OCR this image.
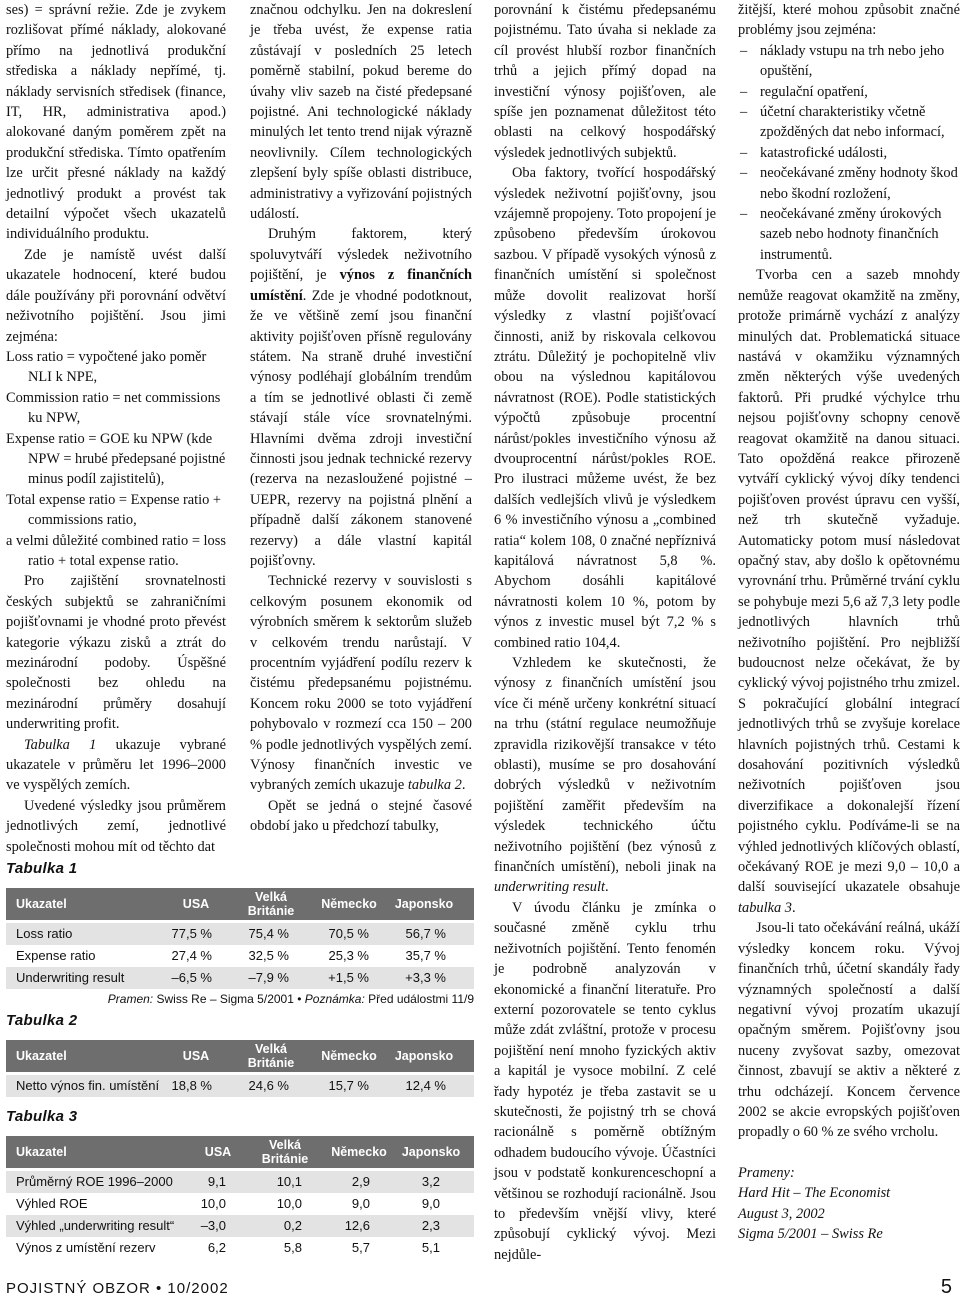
ses) = správní režie. Zde je zvykem rozlišovat přímé náklady, alokované přímo na jednotlivá produkční střediska a náklady nepřímé, tj. náklady servisních středisek (finance, IT, HR, administrativa apod.) alokované daným poměrem zpět na produkční střediska. Tímto opatřením lze určit přesné náklady na každý jednotlivý produkt a provést tak detailní výpočet všech ukazatelů individuálního produktu.

Zde je namístě uvést další ukazatele hodnocení, které budou dále používány při porovnání odvětví neživotního pojištění. Jsou jimi zejména:

Loss ratio = vypočtené jako poměr NLI k NPE,

Commission ratio = net commissions ku NPW,

Expense ratio = GOE ku NPW (kde NPW = hrubé předepsané pojistné minus podíl zajistitelů),

Total expense ratio = Expense ratio + commissions ratio,

a velmi důležité combined ratio = loss ratio + total expense ratio.

Pro zajištění srovnatelnosti českých subjektů se zahraničními pojišťovnami je vhodné proto převést kategorie výkazu zisků a ztrát do mezinárodní podoby. Úspěšné společnosti bez ohledu na mezinárodní průměry dosahují underwriting profit.

Tabulka 1 ukazuje vybrané ukazatele v průměru let 1996–2000 ve vyspělých zemích.

Uvedené výsledky jsou průměrem jednotlivých zemí, jednotlivé společnosti mohou mít od těchto dat

značnou odchylku. Jen na dokreslení je třeba uvést, že expense ratia zůstávají v posledních 25 letech poměrně stabilní, pokud bereme do úvahy vliv sazeb na čisté předepsané pojistné. Ani technologické náklady minulých let tento trend nijak výrazně neovlivnily. Cílem technologických zlepšení byly spíše oblasti distribuce, administrativy a vyřizování pojistných událostí.

Druhým faktorem, který spoluvytváří výsledek neživotního pojištění, je výnos z finančních umístění. Zde je vhodné podotknout, že ve většině zemí jsou finanční aktivity pojišťoven přísně regulovány státem. Na straně druhé investiční výnosy podléhají globálním trendům a tím se jednotlivé oblasti či země stávají stále více srovnatelnými. Hlavními dvěma zdroji investiční činnosti jsou jednak technické rezervy (rezerva na nezasloužené pojistné – UEPR, rezervy na pojistná plnění a případně další zákonem stanovené rezervy) a dále vlastní kapitál pojišťovny.

Technické rezervy v souvislosti s celkovým posunem ekonomik od výrobních směrem k sektorům služeb v celkovém trendu narůstají. V procentním vyjádření podílu rezerv k čistému předepsanému pojistnému. Koncem roku 2000 se toto vyjádření pohybovalo v rozmezí cca 150 – 200 % podle jednotlivých vyspělých zemí. Výnosy finančních investic ve vybraných zemích ukazuje tabulka 2.

Opět se jedná o stejné časové období jako u předchozí tabulky,

porovnání k čistému předepsanému pojistnému. Tato úvaha si neklade za cíl provést hlubší rozbor finančních trhů a jejich přímý dopad na investiční výnosy pojišťoven, ale spíše jen poznamenat důležitost této oblasti na celkový hospodářský výsledek jednotlivých subjektů.

Oba faktory, tvořící hospodářský výsledek neživotní pojišťovny, jsou vzájemně propojeny. Toto propojení je způsobeno především úrokovou sazbou. V případě vysokých výnosů z finančních umístění si společnost může dovolit realizovat horší výsledky z vlastní pojišťovací činnosti, aniž by riskovala celkovou ztrátu. Důležitý je pochopitelně vliv obou na výslednou kapitálovou návratnost (ROE). Podle statistických výpočtů způsobuje procentní nárůst/pokles investičního výnosu až dvouprocentní nárůst/pokles ROE. Pro ilustraci můžeme uvést, že bez dalších vedlejších vlivů je výsledkem 6 % investičního výnosu a „combined ratia“ kolem 108, 0 značné nepříznivá kapitálová návratnost 5,8 %. Abychom dosáhli kapitálové návratnosti kolem 10 %, potom by výnos z investic musel být 7,2 % s combined ratio 104,4.

Vzhledem ke skutečnosti, že výnosy z finančních umístění jsou více či méně určeny konkrétní situací na trhu (státní regulace neumožňuje zpravidla rizikovější transakce v této oblasti), musíme se pro dosahování dobrých výsledků v neživotním pojištění zaměřit především na výsledek technického účtu neživotního pojištění (bez výnosů z finančních umístění), neboli jinak na underwriting result.

V úvodu článku je zmínka o současné změně cyklu trhu neživotních pojištění. Tento fenomén je podrobně analyzován v ekonomické a finanční literatuře. Pro externí pozorovatele se tento cyklus může zdát zvláštní, protože v procesu pojištění není mnoho fyzických aktiv a kapitál je vysoce mobilní. Z celé řady hypotéz je třeba zastavit se u skutečnosti, že pojistný trh se chová racionálně s poměrně obtížným odhadem budoucího vývoje. Účastníci jsou v podstatě konkurenceschopní a většinou se rozhodují racionálně. Jsou to především vnější vlivy, které způsobují cyklický vývoj. Mezi nejdůle-

žitější, které mohou způsobit značné problémy jsou zejména:

– náklady vstupu na trh nebo jeho opuštění,
– regulační opatření,
– účetní charakteristiky včetně zpožděných dat nebo informací,
– katastrofické události,
– neočekávané změny hodnoty škod nebo škodní rozložení,
– neočekávané změny úrokových sazeb nebo hodnoty finančních instrumentů.

Tvorba cen a sazeb mnohdy nemůže reagovat okamžitě na změny, protože primárně vychází z analýzy minulých dat. Problematická situace nastává v okamžiku významných změn některých výše uvedených faktorů. Při prudké výchylce trhu nejsou pojišťovny schopny cenově reagovat okamžitě na danou situaci. Tato opožděná reakce přirozeně vytváří cyklický vývoj díky tendenci pojišťoven provést úpravu cen vyšší, než trh skutečně vyžaduje. Automaticky potom musí následovat opačný stav, aby došlo k opětovnému vyrovnání trhu. Průměrné trvání cyklu se pohybuje mezi 5,6 až 7,3 lety podle jednotlivých hlavních trhů neživotního pojištění. Pro nejbližší budoucnost nelze očekávat, že by cyklický vývoj pojistného trhu zmizel. S pokračující globální integrací jednotlivých trhů se zvyšuje korelace hlavních pojistných trhů. Cestami k dosahování pozitivních výsledků neživotních pojišťoven jsou diverzifikace a dokonalejší řízení pojistného cyklu. Podíváme-li se na výhled jednotlivých klíčových oblastí, očekávaný ROE je mezi 9,0 – 10,0 a další související ukazatele obsahuje tabulka 3.

Jsou-li tato očekávání reálná, ukáží výsledky koncem roku. Vývoj finančních trhů, účetní skandály řady významných společností a další negativní vývoj prozatím ukazují opačným směrem. Pojišťovny jsou nuceny zvyšovat sazby, omezovat činnost, zbavují se aktiv a některé z trhu odcházejí. Koncem července 2002 se akcie evropských pojišťoven propadly o 60 % ze svého vrcholu.

Prameny:
Hard Hit – The Economist
August 3, 2002
Sigma 5/2001 – Swiss Re
Tabulka 1
Ukazatel	USA	Velká Británie	Německo	Japonsko
Loss ratio	77,5 %	75,4 %	70,5 %	56,7 %
Expense ratio	27,4 %	32,5 %	25,3 %	35,7 %
Underwriting result	–6,5 %	–7,9 %	+1,5 %	+3,3 %
Pramen: Swiss Re – Sigma 5/2001 • Poznámka: Před událostmi 11/9
Tabulka 2
Ukazatel	USA	Velká Británie	Německo	Japonsko
Netto výnos fin. umístění 18,8 %	24,6 %	15,7 %	12,4 %
Tabulka 3
Ukazatel	USA	Velká Británie	Německo	Japonsko
Průměrný ROE 1996–2000	9,1	10,1	2,9	3,2
Výhled ROE	10,0	10,0	9,0	9,0
Výhled „underwriting result“ –3,0	0,2	12,6	2,3
Výnos z umístění rezerv	6,2	5,8	5,7	5,1
POJISTNÝ OBZOR • 10/2002	5
